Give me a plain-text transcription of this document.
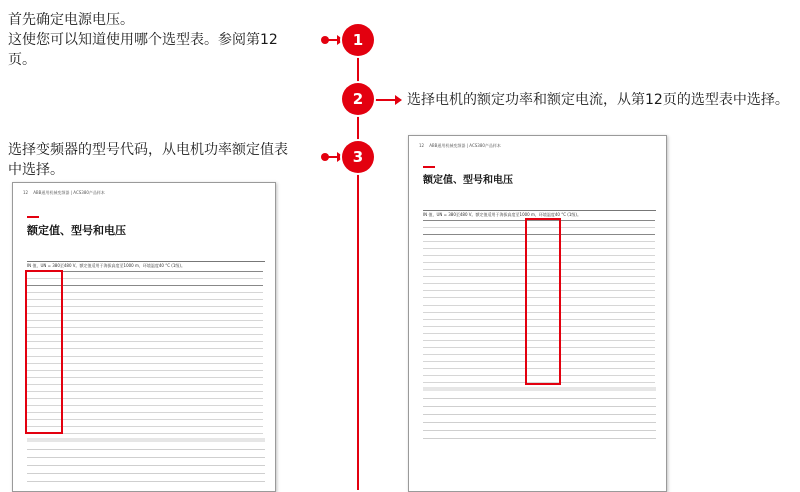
首先确定电源电压。
这使您可以知道使用哪个选型表。参阅第12
页。
选择电机的额定功率和额定电流，从第12页的选型表中选择。
选择变频器的型号代码，从电机功率额定值表
中选择。
1
2
3
12 ABB通用机械变频器 | ACS380产品样本
额定值、型号和电压
IN 值，UN = 380至480 V。额定值适用于海拔高度至1000 m，环境温度40 °C (1级)。
12 ABB通用机械变频器 | ACS380产品样本
额定值、型号和电压
IN 值，UN = 380至480 V。额定值适用于海拔高度至1000 m，环境温度40 °C (1级)。
